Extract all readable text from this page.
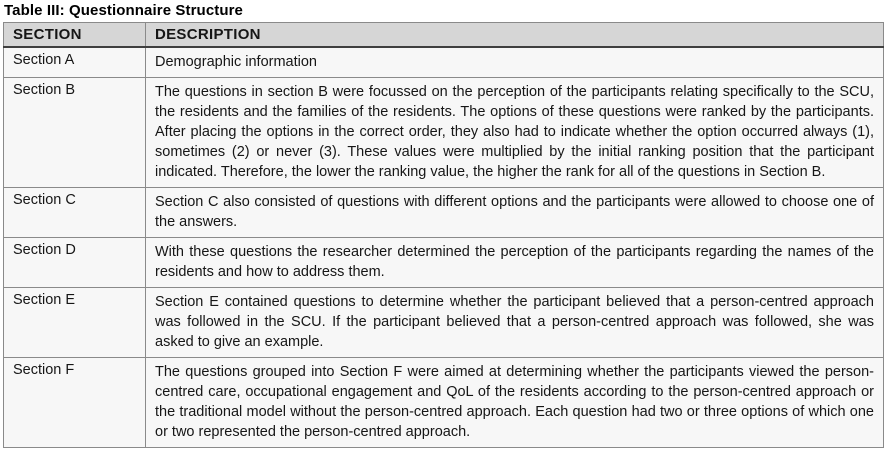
Table III: Questionnaire Structure
SECTION	DESCRIPTION
Section A	Demographic information
Section B	The questions in section B were focussed on the perception of the participants relating specifically to the SCU, the residents and the families of the residents. The options of these questions were ranked by the participants. After placing the options in the correct order, they also had to indicate whether the option occurred always (1), sometimes (2) or never (3). These values were multiplied by the initial ranking position that the participant indicated. Therefore, the lower the ranking value, the higher the rank for all of the questions in Section B.
Section C	Section C also consisted of questions with different options and the participants were allowed to choose one of the answers.
Section D	With these questions the researcher determined the perception of the participants regarding the names of the residents and how to address them.
Section E	Section E contained questions to determine whether the participant believed that a person-centred approach was followed in the SCU. If the participant believed that a person-centred approach was followed, she was asked to give an example.
Section F	The questions grouped into Section F were aimed at determining whether the participants viewed the person-centred care, occupational engagement and QoL of the residents according to the person-centred approach or the traditional model without the person-centred approach. Each question had two or three options of which one or two represented the person-centred approach.
